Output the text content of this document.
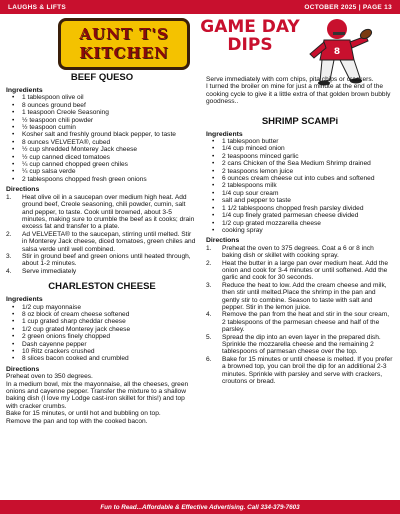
LAUGHS & LIFTS	OCTOBER 2025 | PAGE 13
AUNT T'S
KITCHEN
GAME DAY
DIPS	8
BEEF QUESO
Ingredients
• 1 tablespoon olive oil
• 8 ounces ground beef
• 1 teaspoon Creole Seasoning
• ½ teaspoon chili powder
• ½ teaspoon cumin
• Kosher salt and freshly ground black pepper, to taste
• 8 ounces VELVEETA®, cubed
• ½ cup shredded Monterey Jack cheese
• ½ cup canned diced tomatoes
• ¼ cup canned chopped green chiles
• ¼ cup salsa verde
• 2 tablespoons chopped fresh green onions
Directions
1. Heat olive oil in a saucepan over medium high heat. Add ground beef, Creole seasoning, chili powder, cumin, salt and pepper, to taste. Cook until browned, about 3-5 minutes, making sure to crumble the beef as it cooks; drain excess fat and transfer to a plate.
2. Ad VELVEETA® to the saucepan, stirring until melted. Stir in Monterey Jack cheese, diced tomatoes, green chiles and salsa verde until well combined.
3. Stir in ground beef and green onions until heated through, about 1-2 minutes.
4. Serve immediately
CHARLESTON CHEESE
Ingredients
• 1/2 cup mayonnaise
• 8 oz block of cream cheese softened
• 1 cup grated sharp cheddar cheese
• 1/2 cup grated Monterey jack cheese
• 2 green onions finely chopped
• Dash cayenne pepper
• 10 Ritz crackers crushed
• 8 slices bacon cooked and crumbled
Directions

Preheat oven to 350 degrees.

In a medium bowl, mix the mayonnaise, all the cheeses, green onions and cayenne pepper. Transfer the mixture to a shallow baking dish (I love my Lodge cast-iron skillet for this!) and top with cracker crumbs.

Bake for 15 minutes, or until hot and bubbling on top.

Remove the pan and top with the cooked bacon.

Serve immediately with corn chips, pita chips or crackers.

I turned the broiler on mine for just a minute at the end of the cooking cycle to give it a little extra of that golden brown bubbly goodness..

SHRIMP SCAMPi
Ingredients
• 1 tablespoon butter
• 1/4 cup minced onion
• 2 teaspoons minced garlic
• 2 cans Chicken of the Sea Medium Shrimp drained
• 2 teaspoons lemon juice
• 6 ounces cream cheese cut into cubes and softened
• 2 tablespoons milk
• 1/4 cup sour cream
• salt and pepper to taste
• 1 1/2 tablespoons chopped fresh parsley divided
• 1/4 cup finely grated parmesan cheese divided
• 1/2 cup grated mozzarella cheese
• cooking spray
Directions
1. Preheat the oven to 375 degrees. Coat a 6 or 8 inch baking dish or skillet with cooking spray.
2. Heat the butter in a large pan over medium heat. Add the onion and cook for 3-4 minutes or until softened. Add the garlic and cook for 30 seconds.
3. Reduce the heat to low. Add the cream cheese and milk, then stir until melted.Place the shrimp in the pan and gently stir to combine. Season to taste with salt and pepper. Stir in the lemon juice.
4. Remove the pan from the heat and stir in the sour cream, 2 tablespoons of the parmesan cheese and half of the parsley.
5. Spread the dip into an even layer in the prepared dish. Sprinkle the mozzarella cheese and the remaining 2 tablespoons of parmesan cheese over the top.
6. Bake for 15 minutes or until cheese is melted. If you prefer a browned top, you can broil the dip for an additional 2-3 minutes. Sprinkle with parsley and serve with crackers, croutons or bread.
Fun to Read...Affordable & Effective Advertising. Call 334-379-7603
